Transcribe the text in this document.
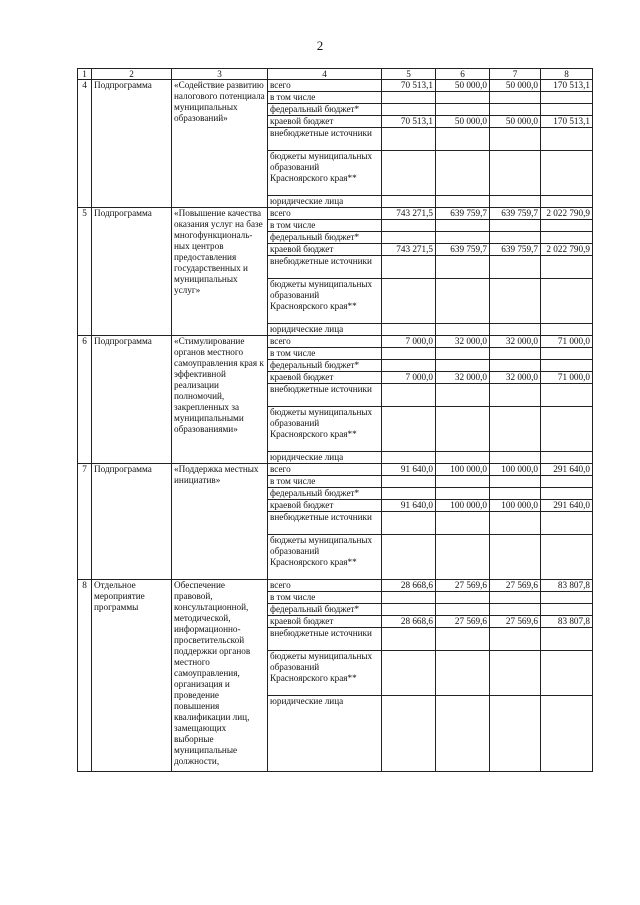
2
1	2	3	4	5	6	7	8
4	Подпрограмма	«Содействие развитию налогового потенциала муниципальных образований»	всего	70 513,1	50 000,0	50 000,0	170 513,1
			в том числе				
			федеральный бюджет*				
			краевой бюджет	70 513,1	50 000,0	50 000,0	170 513,1
			внебюджетные источники				
			бюджеты муниципальных образований Красноярского края**				
			юридические лица				
5	Подпрограмма	«Повышение качества оказания услуг на базе многофункциональ-ных центров предоставления государственных и муниципальных услуг»	всего	743 271,5	639 759,7	639 759,7	2 022 790,9
			в том числе				
			федеральный бюджет*				
			краевой бюджет	743 271,5	639 759,7	639 759,7	2 022 790,9
			внебюджетные источники				
			бюджеты муниципальных образований Красноярского края**				
			юридические лица				
6	Подпрограмма	«Стимулирование органов местного самоуправления края к эффективной реализации полномочий, закрепленных за муниципальными образованиями»	всего	7 000,0	32 000,0	32 000,0	71 000,0
			в том числе				
			федеральный бюджет*				
			краевой бюджет	7 000,0	32 000,0	32 000,0	71 000,0
			внебюджетные источники				
			бюджеты муниципальных образований Красноярского края**				
			юридические лица				
7	Подпрограмма	«Поддержка местных инициатив»	всего	91 640,0	100 000,0	100 000,0	291 640,0
			в том числе				
			федеральный бюджет*				
			краевой бюджет	91 640,0	100 000,0	100 000,0	291 640,0
			внебюджетные источники				
			бюджеты муниципальных образований Красноярского края**				
8	Отдельное мероприятие программы	Обеспечение правовой, консультационной, методической, информационно-просветительской поддержки органов местного самоуправления, организация и проведение повышения квалификации лиц, замещающих выборные муниципальные должности,	всего	28 668,6	27 569,6	27 569,6	83 807,8
			в том числе				
			федеральный бюджет*				
			краевой бюджет	28 668,6	27 569,6	27 569,6	83 807,8
			внебюджетные источники				
			бюджеты муниципальных образований Красноярского края**				
			юридические лица				
